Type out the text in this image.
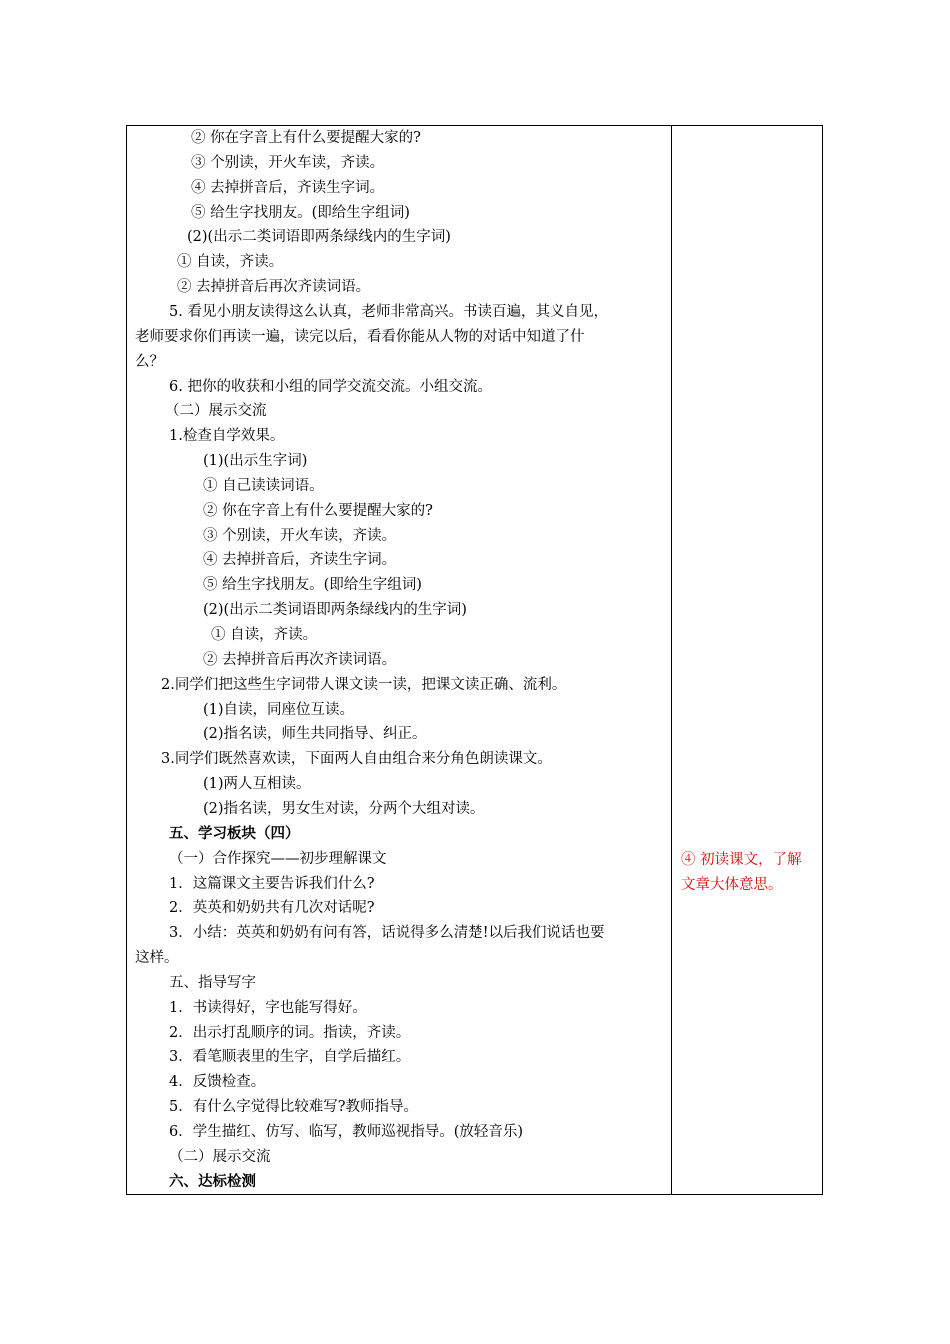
② 你在字音上有什么要提醒大家的?
③ 个别读，开火车读，齐读。
④ 去掉拼音后，齐读生字词。
⑤ 给生字找朋友。(即给生字组词)
(2)(出示二类词语即两条绿线内的生字词)
① 自读，齐读。
② 去掉拼音后再次齐读词语。
5. 看见小朋友读得这么认真，老师非常高兴。书读百遍，其义自见，
老师要求你们再读一遍，读完以后，看看你能从人物的对话中知道了什
么？
6. 把你的收获和小组的同学交流交流。小组交流。
（二）展示交流
1.检查自学效果。
(1)(出示生字词)
① 自己读读词语。
② 你在字音上有什么要提醒大家的?
③ 个别读，开火车读，齐读。
④ 去掉拼音后，齐读生字词。
⑤ 给生字找朋友。(即给生字组词)
(2)(出示二类词语即两条绿线内的生字词)
① 自读，齐读。
② 去掉拼音后再次齐读词语。
2.同学们把这些生字词带人课文读一读，把课文读正确、流利。
(1)自读，同座位互读。
(2)指名读，师生共同指导、纠正。
3.同学们既然喜欢读，下面两人自由组合来分角色朗读课文。
(1)两人互相读。
(2)指名读，男女生对读，分两个大组对读。
五、学习板块（四）
（一）合作探究——初步理解课文
1．这篇课文主要告诉我们什么?
2．英英和奶奶共有几次对话呢?
3．小结：英英和奶奶有问有答，话说得多么清楚!以后我们说话也要
这样。
五、指导写字
1．书读得好，字也能写得好。
2．出示打乱顺序的词。指读，齐读。
3．看笔顺表里的生字，自学后描红。
4．反馈检查。
5．有什么字觉得比较难写?教师指导。
6．学生描红、仿写、临写，教师巡视指导。(放轻音乐)
（二）展示交流
六、达标检测
④ 初读课文，了解
文章大体意思。
